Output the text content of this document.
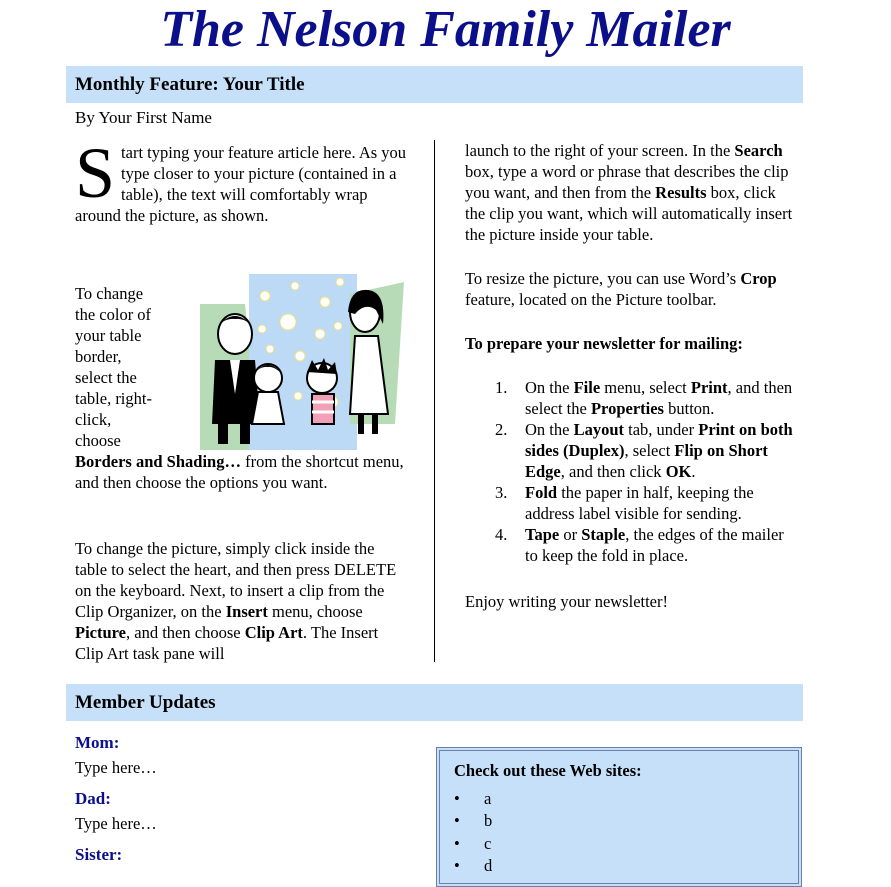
The Nelson Family Mailer
Monthly Feature: Your Title
By Your First Name

Start typing your feature article here. As you type closer to your picture (contained in a table), the text will comfortably wrap around the picture, as shown.

To change
the color of
your table
border,
select the
table, right-
click,
choose

Borders and Shading… from the shortcut menu, and then choose the options you want.

To change the picture, simply click inside the table to select the heart, and then press DELETE on the keyboard. Next, to insert a clip from the Clip Organizer, on the Insert menu, choose Picture, and then choose Clip Art. The Insert Clip Art task pane will

launch to the right of your screen. In the Search box, type a word or phrase that describes the clip you want, and then from the Results box, click the clip you want, which will automatically insert the picture inside your table.

To resize the picture, you can use Word’s Crop feature, located on the Picture toolbar.

To prepare your newsletter for mailing:

1. On the File menu, select Print, and then select the Properties button.
2. On the Layout tab, under Print on both sides (Duplex), select Flip on Short Edge, and then click OK.
3. Fold the paper in half, keeping the address label visible for sending.
4. Tape or Staple, the edges of the mailer to keep the fold in place.

Enjoy writing your newsletter!

Member Updates
Mom:
Type here…
Dad:
Type here…
Sister:
Check out these Web sites:
• a
• b
• c
• d
